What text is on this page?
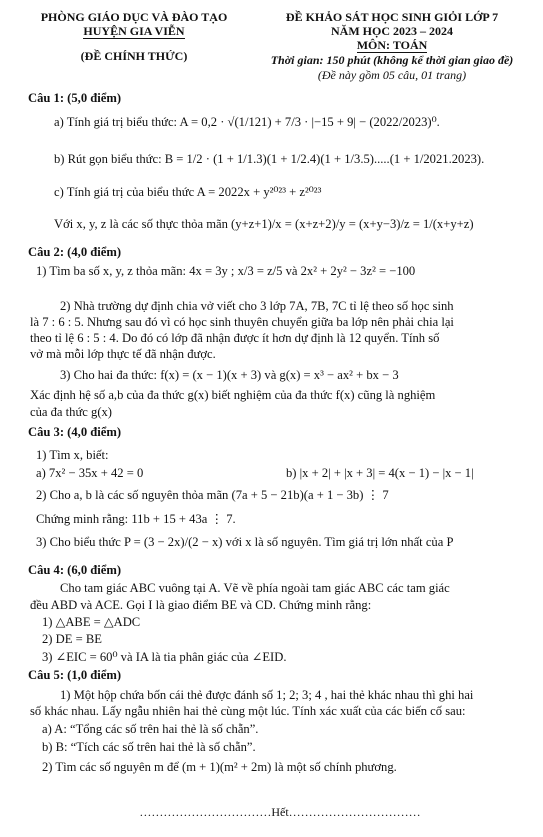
PHÒNG GIÁO DỤC VÀ ĐÀO TẠO
HUYỆN GIA VIỄN
(ĐỀ CHÍNH THỨC)
ĐỀ KHẢO SÁT HỌC SINH GIỎI LỚP 7
NĂM HỌC 2023 – 2024
MÔN: TOÁN
Thời gian: 150 phút (không kể thời gian giao đề)
(Đề này gồm 05 câu, 01 trang)
Câu 1: (5,0 điểm)
a) Tính giá trị biểu thức: A = 0,2 · √(1/121) + 7/3 · |−15 + 9| − (2022/2023)⁰.
b) Rút gọn biểu thức: B = 1/2 · (1 + 1/1.3)(1 + 1/2.4)(1 + 1/3.5).....(1 + 1/2021.2023).
c) Tính giá trị của biểu thức A = 2022x + y²⁰²³ + z²⁰²³
Với x, y, z là các số thực thỏa mãn (y+z+1)/x = (x+z+2)/y = (x+y−3)/z = 1/(x+y+z)
Câu 2: (4,0 điểm)
1) Tìm ba số x, y, z thỏa mãn: 4x = 3y ; x/3 = z/5 và 2x² + 2y² − 3z² = −100
2) Nhà trường dự định chia vở viết cho 3 lớp 7A, 7B, 7C tỉ lệ theo số học sinh
là 7 : 6 : 5. Nhưng sau đó vì có học sinh thuyên chuyển giữa ba lớp nên phải chia lại
theo tỉ lệ 6 : 5 : 4. Do đó có lớp đã nhận được ít hơn dự định là 12 quyển. Tính số
vở mà mỗi lớp thực tế đã nhận được.
3) Cho hai đa thức: f(x) = (x − 1)(x + 3) và g(x) = x³ − ax² + bx − 3
Xác định hệ số a,b của đa thức g(x) biết nghiệm của đa thức f(x) cũng là nghiệm
của đa thức g(x)
Câu 3: (4,0 điểm)
1) Tìm x, biết:
a) 7x² − 35x + 42 = 0	b) |x + 2| + |x + 3| = 4(x − 1) − |x − 1|
2) Cho a, b là các số nguyên thỏa mãn (7a + 5 − 21b)(a + 1 − 3b) ⋮ 7
Chứng minh rằng: 11b + 15 + 43a ⋮ 7.
3) Cho biểu thức P = (3 − 2x)/(2 − x) với x là số nguyên. Tìm giá trị lớn nhất của P
Câu 4: (6,0 điểm)
Cho tam giác ABC vuông tại A. Vẽ về phía ngoài tam giác ABC các tam giác
đều ABD và ACE. Gọi I là giao điểm BE và CD. Chứng minh rằng:
1) △ABE = △ADC
2) DE = BE
3) ∠EIC = 60⁰ và IA là tia phân giác của ∠EID.
Câu 5: (1,0 điểm)
1) Một hộp chứa bốn cái thẻ được đánh số 1; 2; 3; 4 , hai thẻ khác nhau thì ghi hai
số khác nhau. Lấy ngẫu nhiên hai thẻ cùng một lúc. Tính xác xuất của các biến cố sau:
a) A: “Tổng các số trên hai thẻ là số chẵn”.
b) B: “Tích các số trên hai thẻ là số chẵn”.
2) Tìm các số nguyên m để (m + 1)(m² + 2m) là một số chính phương.
……………………………Hết……………………………
